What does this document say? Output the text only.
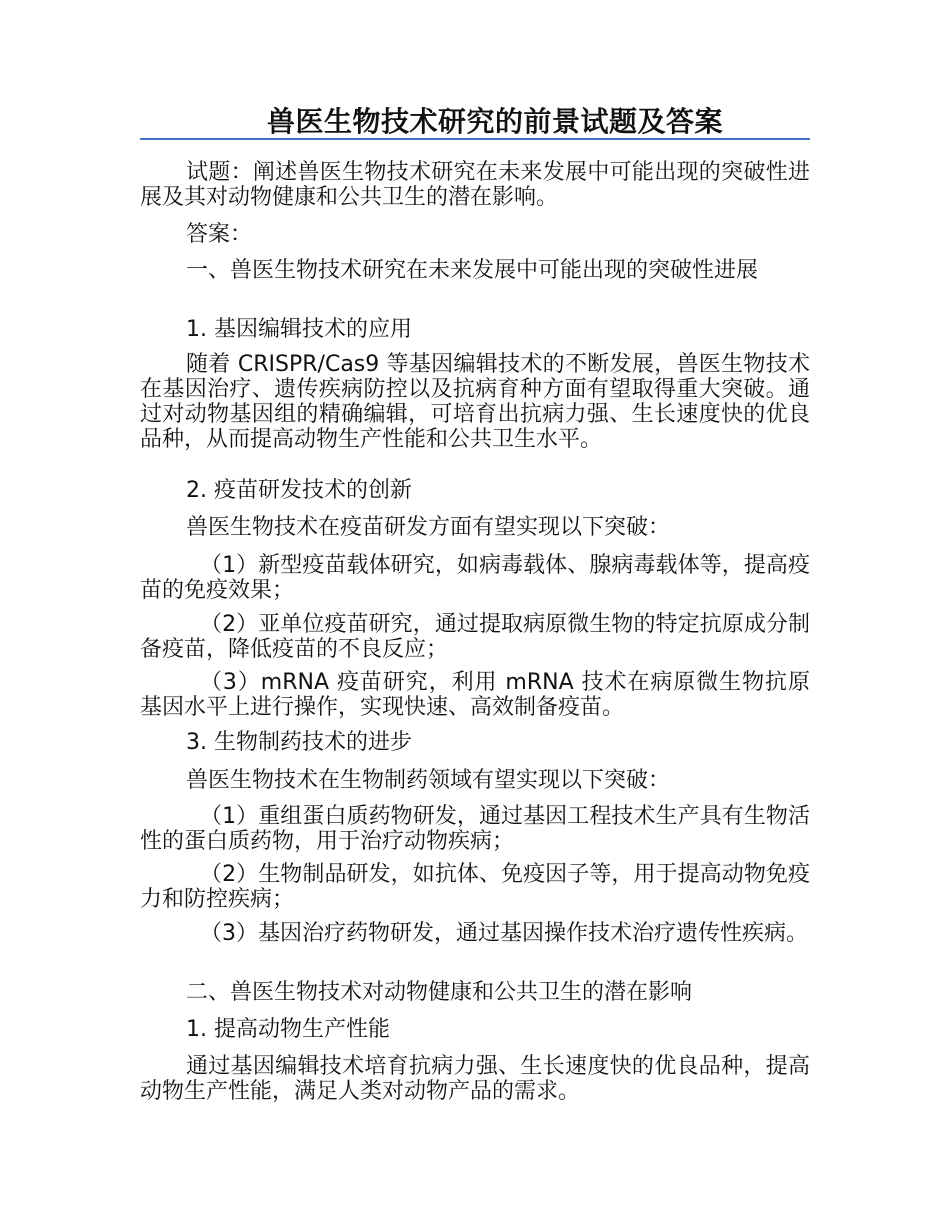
兽医生物技术研究的前景试题及答案
试题：阐述兽医生物技术研究在未来发展中可能出现的突破性进展及其对动物健康和公共卫生的潜在影响。
答案：
一、兽医生物技术研究在未来发展中可能出现的突破性进展
1. 基因编辑技术的应用
随着 CRISPR/Cas9 等基因编辑技术的不断发展，兽医生物技术在基因治疗、遗传疾病防控以及抗病育种方面有望取得重大突破。通过对动物基因组的精确编辑，可培育出抗病力强、生长速度快的优良品种，从而提高动物生产性能和公共卫生水平。
2. 疫苗研发技术的创新
兽医生物技术在疫苗研发方面有望实现以下突破：
（1）新型疫苗载体研究，如病毒载体、腺病毒载体等，提高疫苗的免疫效果；
（2）亚单位疫苗研究，通过提取病原微生物的特定抗原成分制备疫苗，降低疫苗的不良反应；
（3）mRNA 疫苗研究，利用 mRNA 技术在病原微生物抗原基因水平上进行操作，实现快速、高效制备疫苗。
3. 生物制药技术的进步
兽医生物技术在生物制药领域有望实现以下突破：
（1）重组蛋白质药物研发，通过基因工程技术生产具有生物活性的蛋白质药物，用于治疗动物疾病；
（2）生物制品研发，如抗体、免疫因子等，用于提高动物免疫力和防控疾病；
（3）基因治疗药物研发，通过基因操作技术治疗遗传性疾病。
二、兽医生物技术对动物健康和公共卫生的潜在影响
1. 提高动物生产性能
通过基因编辑技术培育抗病力强、生长速度快的优良品种，提高动物生产性能，满足人类对动物产品的需求。
